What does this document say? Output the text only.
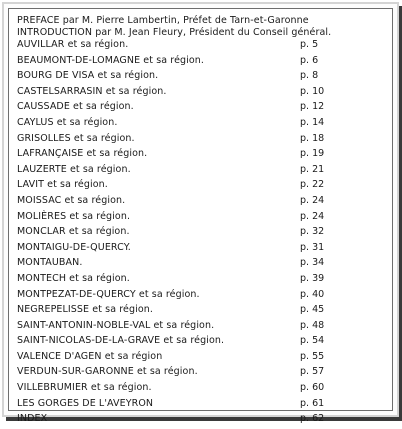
PREFACE par M. Pierre Lambertin, Préfet de Tarn-et-Garonne
INTRODUCTION par M. Jean Fleury, Président du Conseil général.
AUVILLAR et sa région.	p. 5
BEAUMONT-DE-LOMAGNE et sa région.	p. 6
BOURG DE VISA et sa région.	p. 8
CASTELSARRASIN et sa région.	p. 10
CAUSSADE et sa région.	p. 12
CAYLUS et sa région.	p. 14
GRISOLLES et sa région.	p. 18
LAFRANÇAISE et sa région.	p. 19
LAUZERTE et sa région.	p. 21
LAVIT et sa région.	p. 22
MOISSAC et sa région.	p. 24
MOLIÈRES et sa région.	p. 24
MONCLAR et sa région.	p. 32
MONTAIGU-DE-QUERCY.	p. 31
MONTAUBAN.	p. 34
MONTECH et sa région.	p. 39
MONTPEZAT-DE-QUERCY et sa région.	p. 40
NEGREPELISSE et sa région.	p. 45
SAINT-ANTONIN-NOBLE-VAL et sa région.	p. 48
SAINT-NICOLAS-DE-LA-GRAVE et sa région.	p. 54
VALENCE D'AGEN et sa région	p. 55
VERDUN-SUR-GARONNE et sa région.	p. 57
VILLEBRUMIER et sa région.	p. 60
LES GORGES DE L'AVEYRON	p. 61
INDEX	p. 62
